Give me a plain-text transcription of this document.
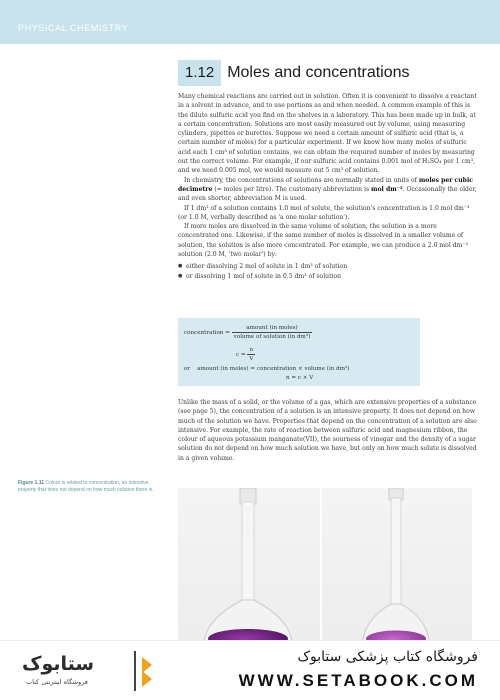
PHYSICAL CHEMISTRY
1.12 Moles and concentrations

Many chemical reactions are carried out in solution. Often it is convenient to dissolve a reactant in a solvent in advance, and to use portions as and when needed. A common example of this is the dilute sulfuric acid you find on the shelves in a laboratory. This has been made up in bulk, at a certain concentration. Solutions are most easily measured out by volume, using measuring cylinders, pipettes or burettes. Suppose we need a certain amount of sulfuric acid (that is, a certain number of moles) for a particular experiment. If we know how many moles of sulfuric acid each 1 cm³ of solution contains, we can obtain the required number of moles by measuring out the correct volume. For example, if our sulfuric acid contains 0.001 mol of H₂SO₄ per 1 cm³, and we need 0.005 mol, we would measure out 5 cm³ of solution.

In chemistry, the concentrations of solutions are normally stated in units of moles per cubic decimetre (= moles per litre). The customary abbreviation is mol dm⁻³. Occasionally the older, and even shorter, abbreviation M is used.

If 1 dm³ of a solution contains 1.0 mol of solute, the solution's concentration is 1.0 mol dm⁻³ (or 1.0 M, verbally described as 'a one molar solution').

If more moles are dissolved in the same volume of solution, the solution is a more concentrated one. Likewise, if the same number of moles is dissolved in a smaller volume of solution, the solution is also more concentrated. For example, we can produce a 2.0 mol dm⁻³ solution (2.0 M, 'two molar') by:

● either dissolving 2 mol of solute in 1 dm³ of solution
● or dissolving 1 mol of solute in 0.5 dm³ of solution
concentration = $\frac{\text{amount (in moles)}}{\text{volume of solution (in dm³)}}$
$c = \frac{n}{V}$
or amount (in moles) = concentration × volume (in dm³)
n = c × V

Unlike the mass of a solid, or the volume of a gas, which are extensive properties of a substance (see page 5), the concentration of a solution is an intensive property. It does not depend on how much of the solution we have. Properties that depend on the concentration of a solution are also intensive. For example, the rate of reaction between sulfuric acid and magnesium ribbon, the colour of aqueous potassium manganate(VII), the sourness of vinegar and the density of a sugar solution do not depend on how much solution we have, but only on how much solute is dissolved in a given volume.

Figure 1.11 Colour is related to concentration, an intensive property that does not depend on how much solution there is.
ستابوک
فروشگاه اینترنتی کتاب
فروشگاه کتاب پزشکی ستابوک
WWW.SETABOOK.COM
